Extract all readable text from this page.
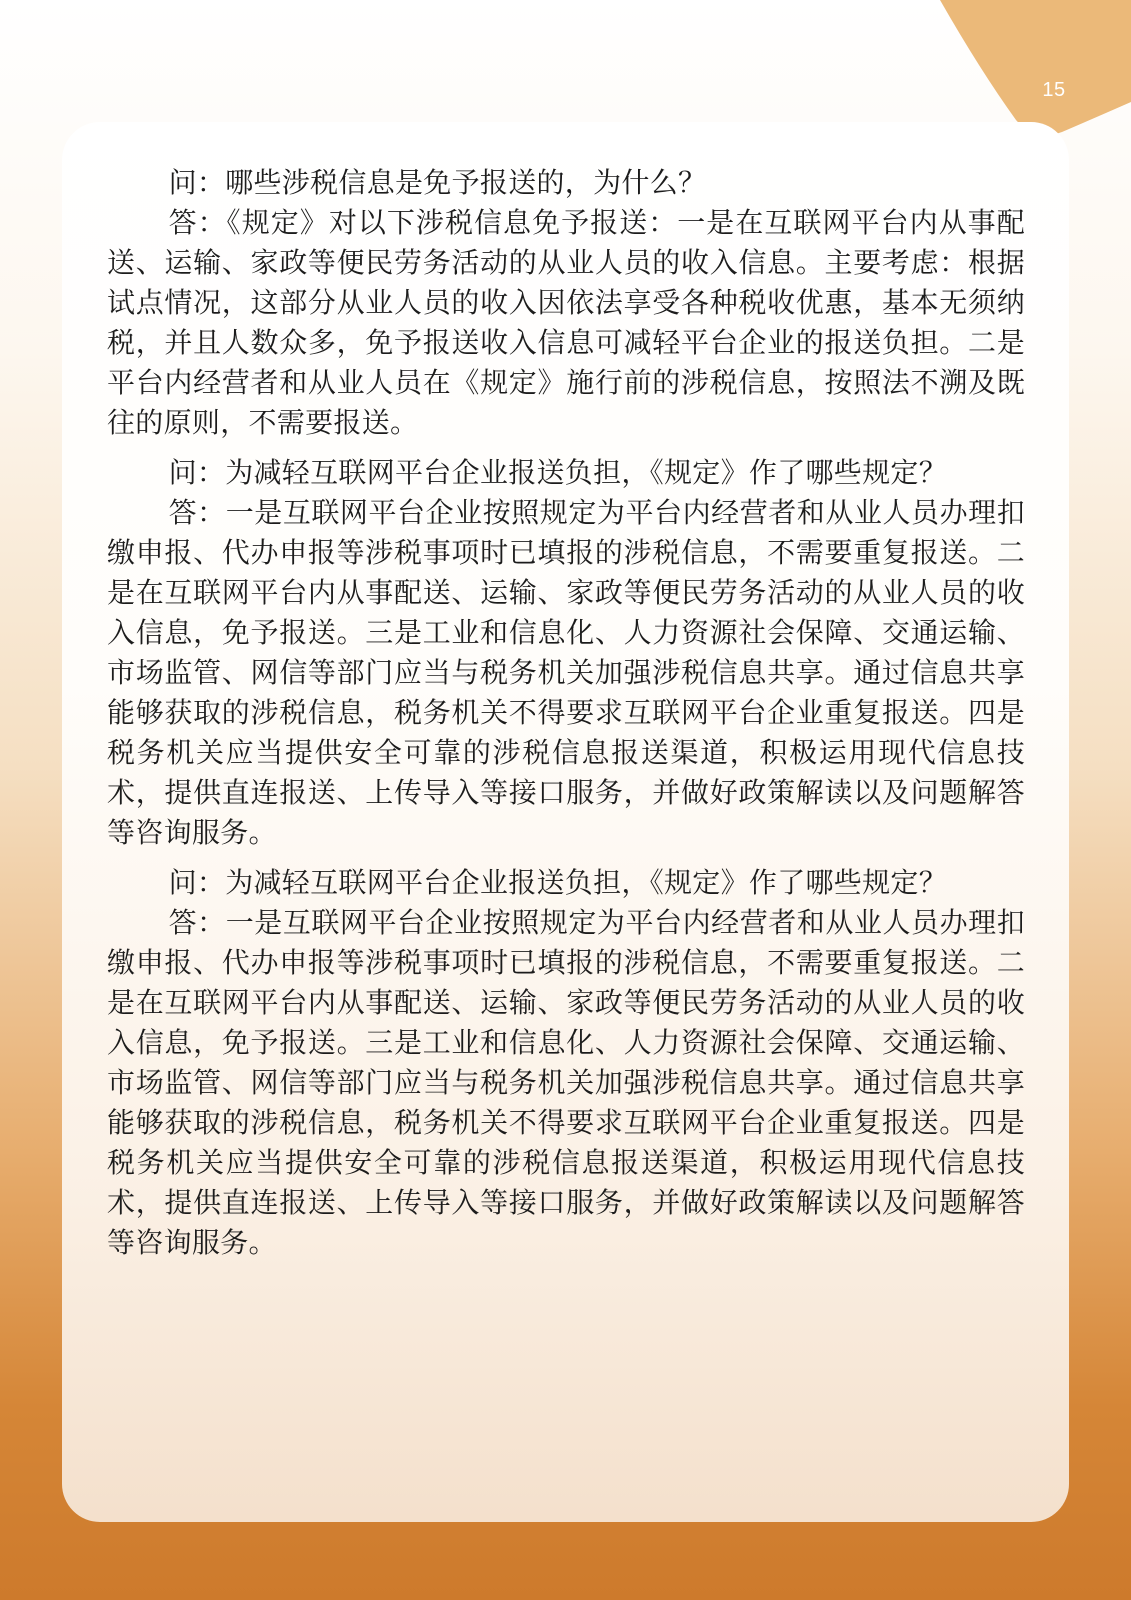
15

问：哪些涉税信息是免予报送的，为什么？

答：《规定》对以下涉税信息免予报送：一是在互联网平台内从事配送、运输、家政等便民劳务活动的从业人员的收入信息。主要考虑：根据试点情况，这部分从业人员的收入因依法享受各种税收优惠，基本无须纳税，并且人数众多，免予报送收入信息可减轻平台企业的报送负担。二是平台内经营者和从业人员在《规定》施行前的涉税信息，按照法不溯及既往的原则，不需要报送。

问：为减轻互联网平台企业报送负担，《规定》作了哪些规定？

答：一是互联网平台企业按照规定为平台内经营者和从业人员办理扣缴申报、代办申报等涉税事项时已填报的涉税信息，不需要重复报送。二是在互联网平台内从事配送、运输、家政等便民劳务活动的从业人员的收入信息，免予报送。三是工业和信息化、人力资源社会保障、交通运输、市场监管、网信等部门应当与税务机关加强涉税信息共享。通过信息共享能够获取的涉税信息，税务机关不得要求互联网平台企业重复报送。四是税务机关应当提供安全可靠的涉税信息报送渠道，积极运用现代信息技术，提供直连报送、上传导入等接口服务，并做好政策解读以及问题解答等咨询服务。

问：为减轻互联网平台企业报送负担，《规定》作了哪些规定？

答：一是互联网平台企业按照规定为平台内经营者和从业人员办理扣缴申报、代办申报等涉税事项时已填报的涉税信息，不需要重复报送。二是在互联网平台内从事配送、运输、家政等便民劳务活动的从业人员的收入信息，免予报送。三是工业和信息化、人力资源社会保障、交通运输、市场监管、网信等部门应当与税务机关加强涉税信息共享。通过信息共享能够获取的涉税信息，税务机关不得要求互联网平台企业重复报送。四是税务机关应当提供安全可靠的涉税信息报送渠道，积极运用现代信息技术，提供直连报送、上传导入等接口服务，并做好政策解读以及问题解答等咨询服务。
